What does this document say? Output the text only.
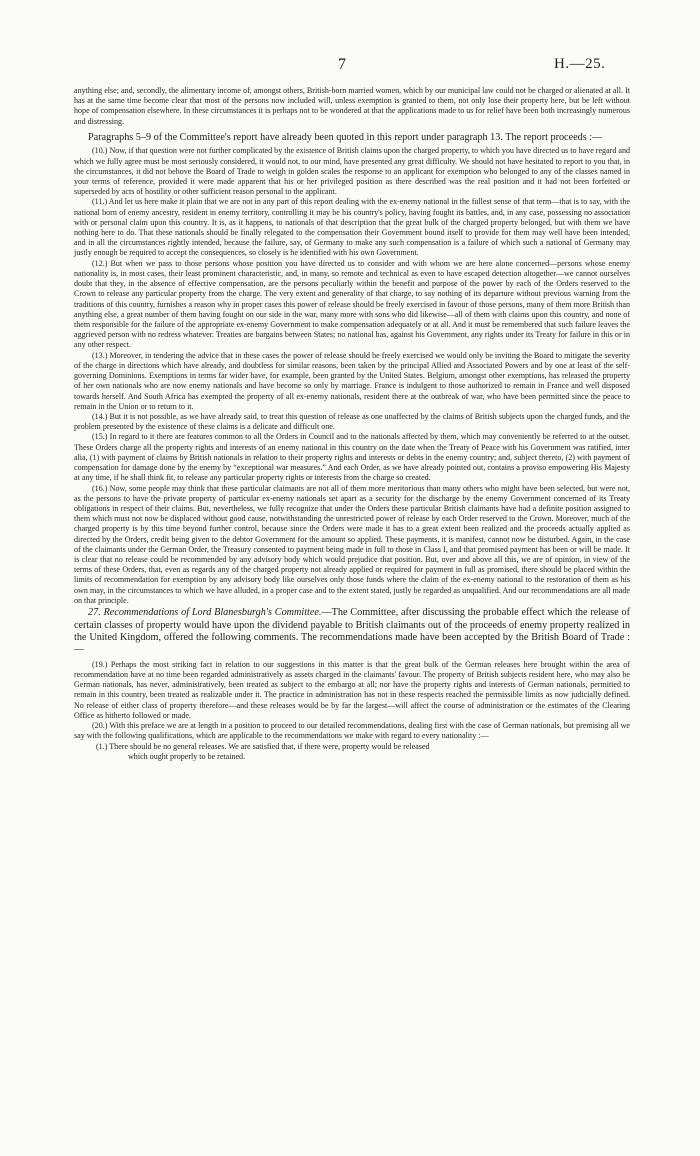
7	H.—25.

anything else; and, secondly, the alimentary income of, amongst others, British-born married women, which by our municipal law could not be charged or alienated at all. It has at the same time become clear that most of the persons now included will, unless exemption is granted to them, not only lose their property here, but be left without hope of compensation elsewhere. In these circumstances it is perhaps not to be wondered at that the applications made to us for relief have been both increasingly numerous and distressing.

Paragraphs 5–9 of the Committee's report have already been quoted in this report under paragraph 13. The report proceeds :—

(10.) Now, if that question were not further complicated by the existence of British claims upon the charged property, to which you have directed us to have regard and which we fully agree must be most seriously considered, it would not, to our mind, have presented any great difficulty. We should not have hesitated to report to you that, in the circumstances, it did not behove the Board of Trade to weigh in golden scales the response to an applicant for exemption who belonged to any of the classes named in your terms of reference, provided it were made apparent that his or her privileged position as there described was the real position and it had not been forfeited or superseded by acts of hostility or other sufficient reason personal to the applicant.

(11.) And let us here make it plain that we are not in any part of this report dealing with the ex-enemy national in the fullest sense of that term—that is to say, with the national born of enemy ancestry, resident in enemy territory, controlling it may be his country's policy, having fought its battles, and, in any case, possessing no association with or personal claim upon this country. It is, as it happens, to nationals of that description that the great bulk of the charged property belonged, but with them we have nothing here to do. That these nationals should be finally relegated to the compensation their Government bound itself to provide for them may well have been intended, and in all the circumstances rightly intended, because the failure, say, of Germany to make any such compensation is a failure of which such a national of Germany may justly enough be required to accept the consequences, so closely is he identified with his own Government.

(12.) But when we pass to those persons whose position you have directed us to consider and with whom we are here alone concerned—persons whose enemy nationality is, in most cases, their least prominent characteristic, and, in many, so remote and technical as even to have escaped detection altogether—we cannot ourselves doubt that they, in the absence of effective compensation, are the persons peculiarly within the benefit and purpose of the power by each of the Orders reserved to the Crown to release any particular property from the charge. The very extent and generality of that charge, to say nothing of its departure without previous warning from the traditions of this country, furnishes a reason why in proper cases this power of release should be freely exercised in favour of those persons, many of them more British than anything else, a great number of them having fought on our side in the war, many more with sons who did likewise—all of them with claims upon this country, and none of them responsible for the failure of the appropriate ex-enemy Government to make compensation adequately or at all. And it must be remembered that such failure leaves the aggrieved person with no redress whatever. Treaties are bargains between States; no national has, against his Government, any rights under its Treaty for failure in this or in any other respect.

(13.) Moreover, in tendering the advice that in these cases the power of release should be freely exercised we would only be inviting the Board to mitigate the severity of the charge in directions which have already, and doubtless for similar reasons, been taken by the principal Allied and Associated Powers and by one at least of the self-governing Dominions. Exemptions in terms far wider have, for example, been granted by the United States. Belgium, amongst other exemptions, has released the property of her own nationals who are now enemy nationals and have become so only by marriage. France is indulgent to those authorized to remain in France and well disposed towards herself. And South Africa has exempted the property of all ex-enemy nationals, resident there at the outbreak of war, who have been permitted since the peace to remain in the Union or to return to it.

(14.) But it is not possible, as we have already said, to treat this question of release as one unaffected by the claims of British subjects upon the charged funds, and the problem presented by the existence of these claims is a delicate and difficult one.

(15.) In regard to it there are features common to all the Orders in Council and to the nationals affected by them, which may conveniently be referred to at the outset. These Orders charge all the property rights and interests of an enemy national in this country on the date when the Treaty of Peace with his Government was ratified, inter alia, (1) with payment of claims by British nationals in relation to their property rights and interests or debts in the enemy country; and, subject thereto, (2) with payment of compensation for damage done by the enemy by “exceptional war measures.” And each Order, as we have already pointed out, contains a proviso empowering His Majesty at any time, if he shall think fit, to release any particular property rights or interests from the charge so created.

(16.) Now, some people may think that these particular claimants are not all of them more meritorious than many others who might have been selected, but were not, as the persons to have the private property of particular ex-enemy nationals set apart as a security for the discharge by the enemy Government concerned of its Treaty obligations in respect of their claims. But, nevertheless, we fully recognize that under the Orders these particular British claimants have had a definite position assigned to them which must not now be displaced without good cause, notwithstanding the unrestricted power of release by each Order reserved to the Crown. Moreover, much of the charged property is by this time beyond further control, because since the Orders were made it has to a great extent been realized and the proceeds actually applied as directed by the Orders, credit being given to the debtor Government for the amount so applied. These payments, it is manifest, cannot now be disturbed. Again, in the case of the claimants under the German Order, the Treasury consented to payment being made in full to those in Class I, and that promised payment has been or will be made. It is clear that no release could be recommended by any advisory body which would prejudice that position. But, over and above all this, we are of opinion, in view of the terms of these Orders, that, even as regards any of the charged property not already applied or required for payment in full as promised, there should be placed within the limits of recommendation for exemption by any advisory body like ourselves only those funds where the claim of the ex-enemy national to the restoration of them as his own may, in the circumstances to which we have alluded, in a proper case and to the extent stated, justly be regarded as unqualified. And our recommendations are all made on that principle.

27. Recommendations of Lord Blanesburgh's Committee.—The Committee, after discussing the probable effect which the release of certain classes of property would have upon the dividend payable to British claimants out of the proceeds of enemy property realized in the United Kingdom, offered the following comments. The recommendations made have been accepted by the British Board of Trade :—

(19.) Perhaps the most striking fact in relation to our suggestions in this matter is that the great bulk of the German releases here brought within the area of recommendation have at no time been regarded administratively as assets charged in the claimants' favour. The property of British subjects resident here, who may also be German nationals, has never, administratively, been treated as subject to the embargo at all; nor have the property rights and interests of German nationals, permitted to remain in this country, been treated as realizable under it. The practice in administration has not in these respects reached the permissible limits as now judicially defined. No release of either class of property therefore—and these releases would be by far the largest—will affect the course of administration or the estimates of the Clearing Office as hitherto followed or made.

(20.) With this preface we are at length in a position to proceed to our detailed recommendations, dealing first with the case of German nationals, but premising all we say with the following qualifications, which are applicable to the recommendations we make with regard to every nationality :—

(1.) There should be no general releases. We are satisfied that, if there were, property would be released
which ought properly to be retained.
